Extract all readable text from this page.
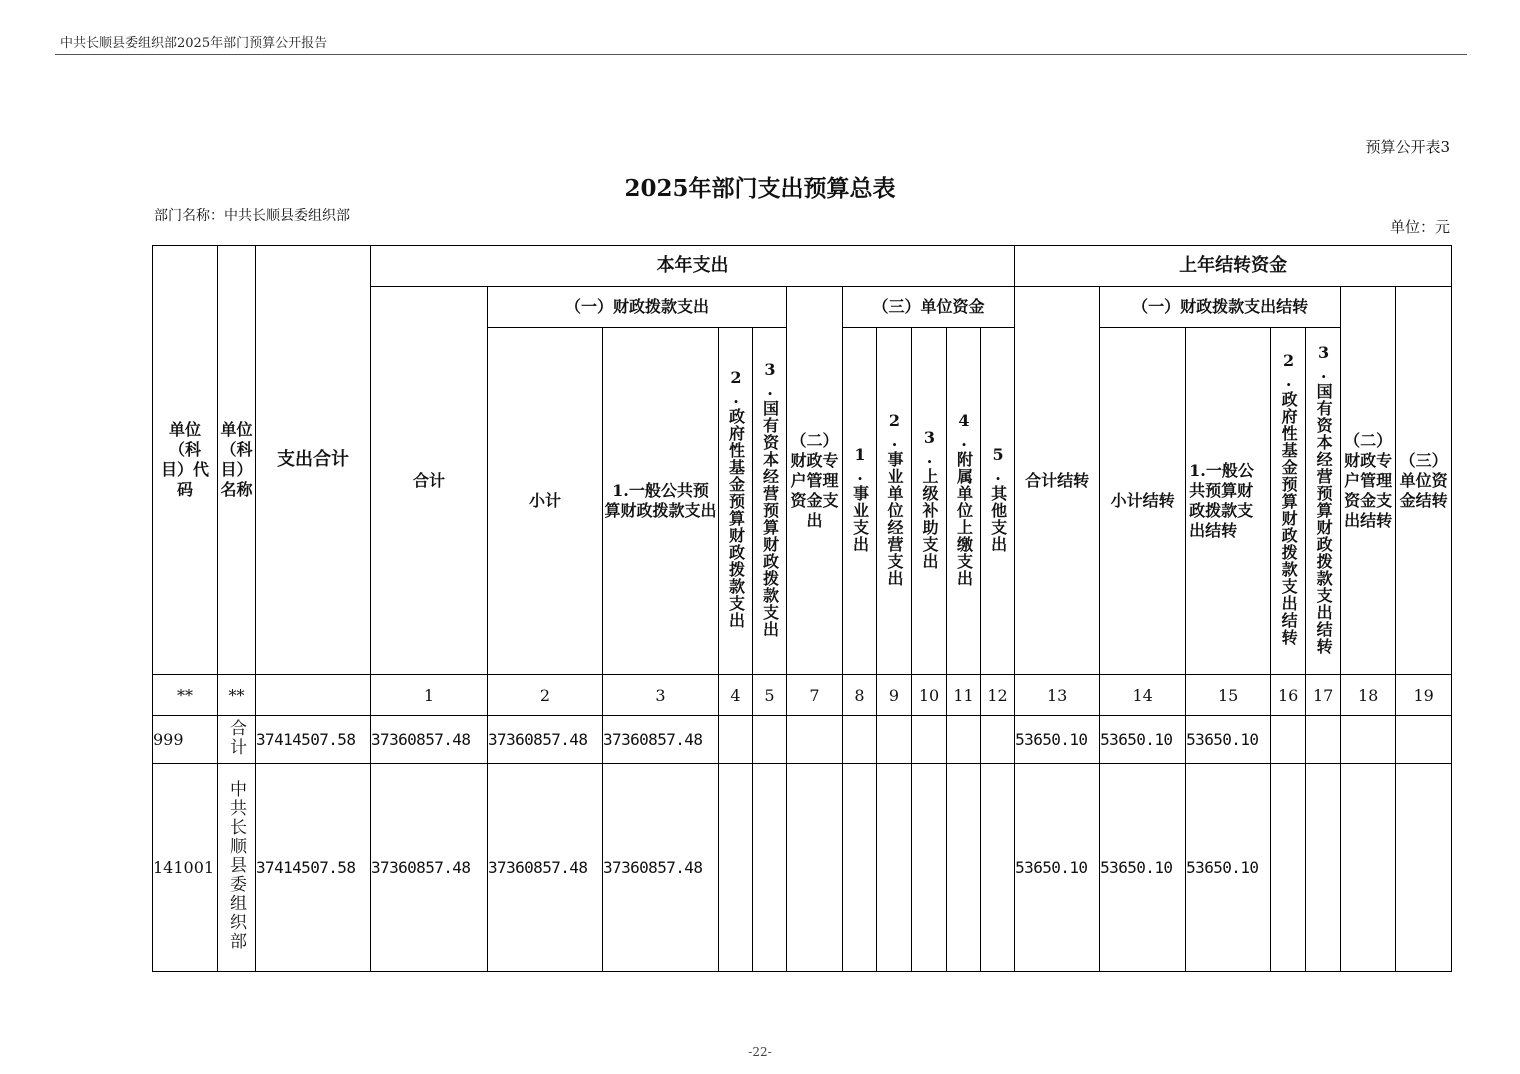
中共长顺县委组织部2025年部门预算公开报告
预算公开表3
2025年部门支出预算总表
部门名称：中共长顺县委组织部
单位：元
单位（科目）代码	单位（科目）名称	支出合计	本年支出											上年结转资金						
			合计	（一）财政拨款支出				（二）财政专户管理资金支出	（三）单位资金					合计结转	（一）财政拨款支出结转				（二）财政专户管理资金支出结转	（三）单位资金结转

				小计	1.一般公共预算财政拨款支出	2.政府性基金预算财政拨款支出	3.国有资本经营预算财政拨款支出		1.事业支出	2.事业单位经营支出	3.上级补助支出	4.附属单位上缴支出	5.其他支出		小计结转	1.一般公共预算财政拨款支出结转	2.政府性基金预算财政拨款支出结转	3.国有资本经营预算财政拨款支出结转		
**	**		1	2	3	4	5	7	8	9	10	11	12	13	14	15	16	17	18	19
999	合计	37414507.58	37360857.48	37360857.48	37360857.48									53650.10	53650.10	53650.10				
141001	中共长顺县委组织部	37414507.58	37360857.48	37360857.48	37360857.48									53650.10	53650.10	53650.10				
-22-
